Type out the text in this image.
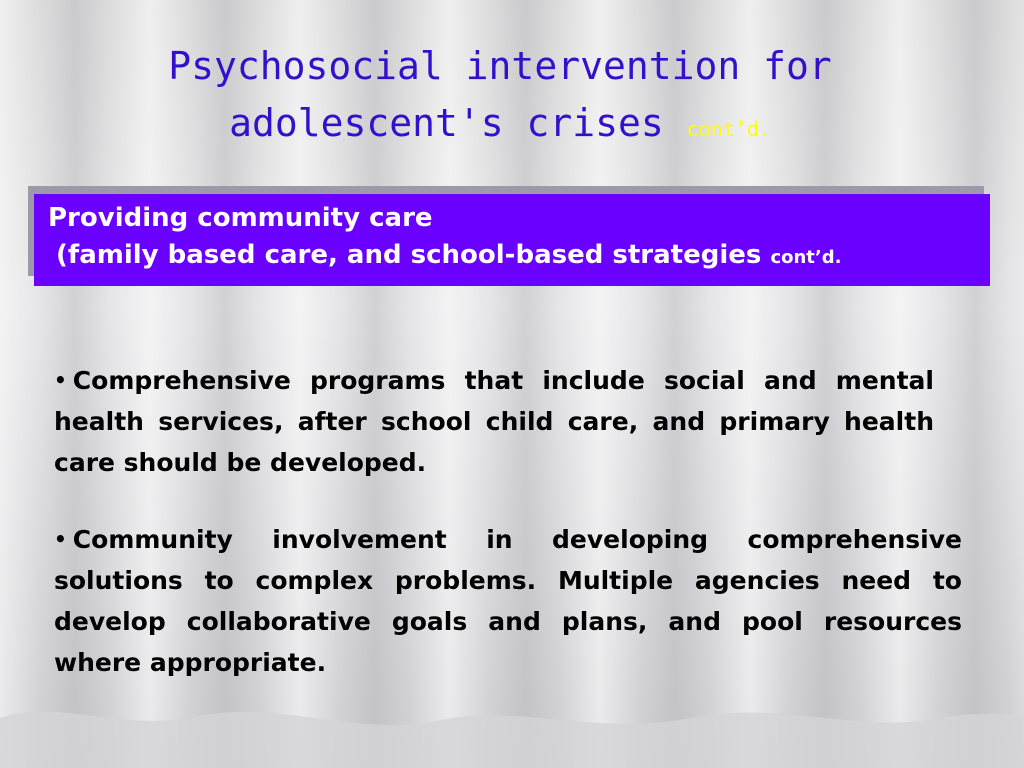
Psychosocial intervention for
adolescent's crises cont’d.
Providing community care
(family based care, and school-based strategies cont’d.
• Comprehensive programs that include social and mental health services, after school child care, and primary health care should be developed.
• Community involvement in developing comprehensive solutions to complex problems. Multiple agencies need to develop collaborative goals and plans, and pool resources where appropriate.
